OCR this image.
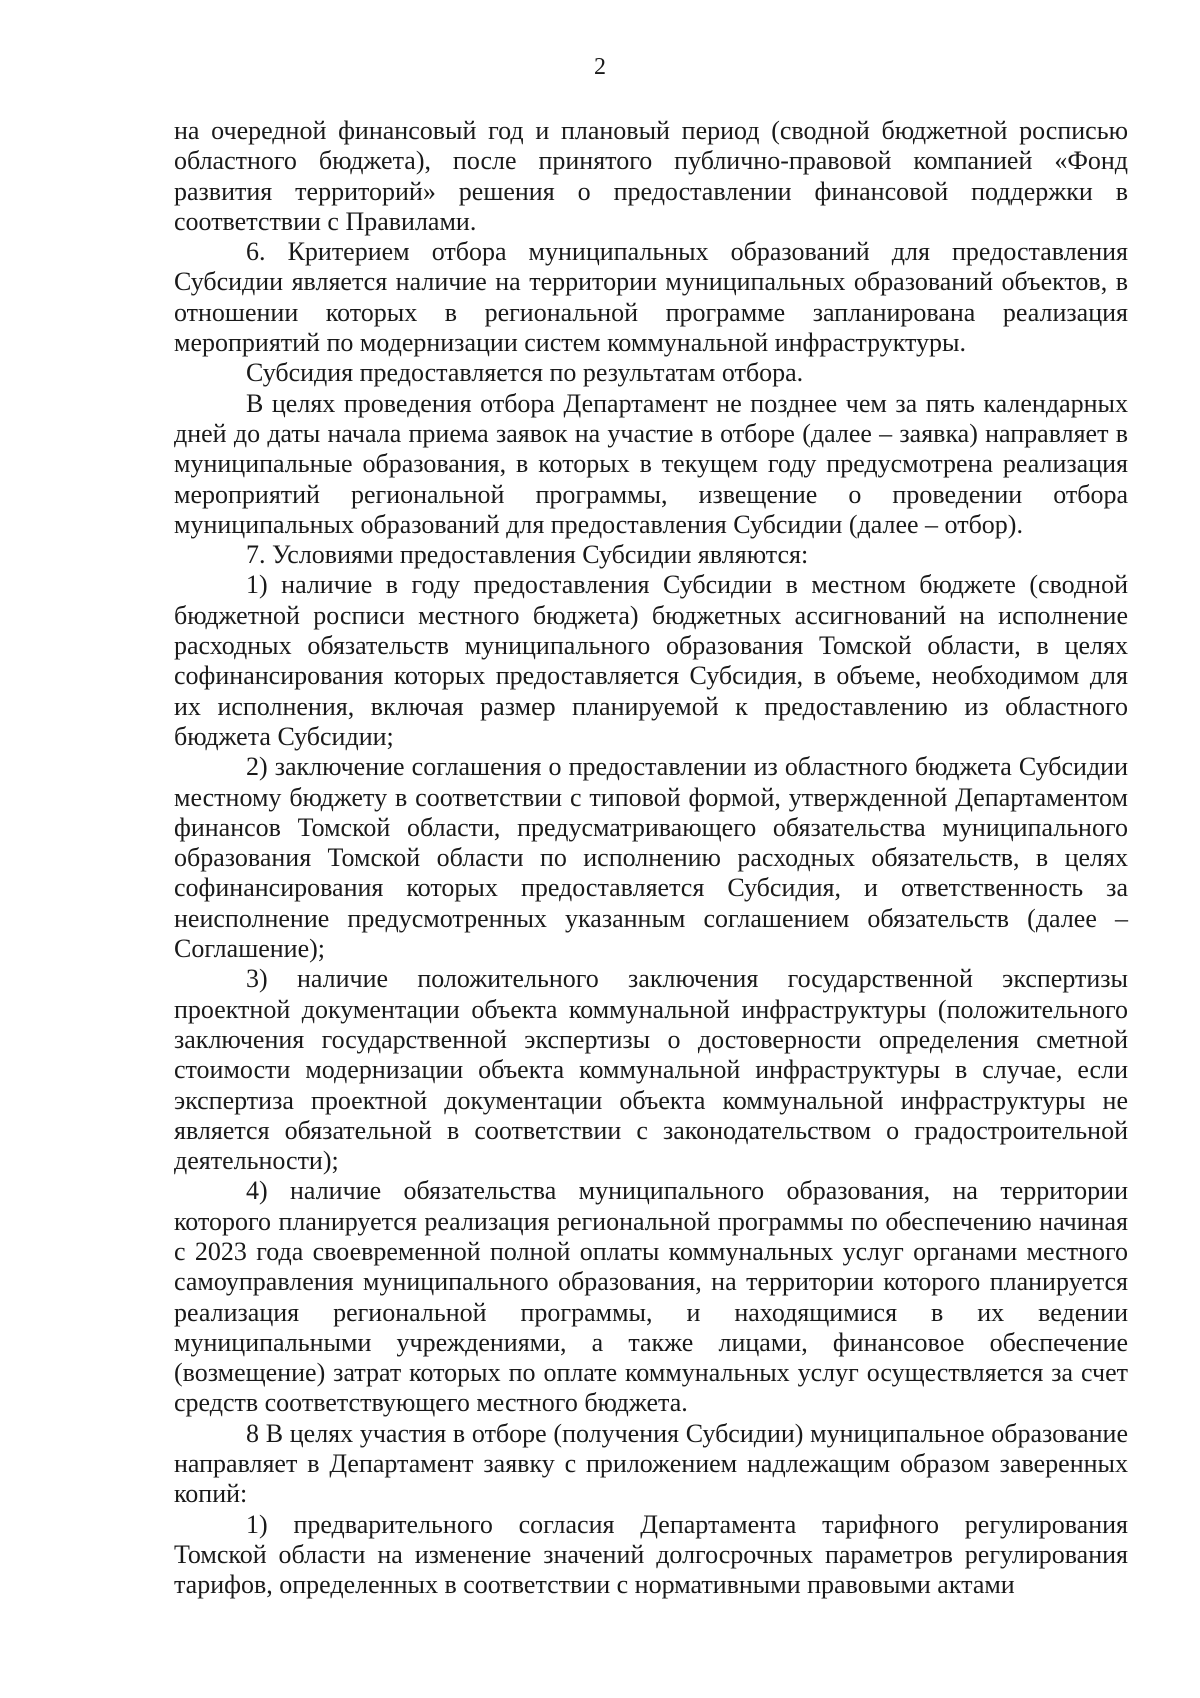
2

на очередной финансовый год и плановый период (сводной бюджетной росписью областного бюджета), после принятого публично-правовой компанией «Фонд развития территорий» решения о предоставлении финансовой поддержки в соответствии с Правилами.

6. Критерием отбора муниципальных образований для предоставления Субсидии является наличие на территории муниципальных образований объектов, в отношении которых в региональной программе запланирована реализация мероприятий по модернизации систем коммунальной инфраструктуры.

Субсидия предоставляется по результатам отбора.

В целях проведения отбора Департамент не позднее чем за пять календарных дней до даты начала приема заявок на участие в отборе (далее – заявка) направляет в муниципальные образования, в которых в текущем году предусмотрена реализация мероприятий региональной программы, извещение о проведении отбора муниципальных образований для предоставления Субсидии (далее – отбор).

7. Условиями предоставления Субсидии являются:

1) наличие в году предоставления Субсидии в местном бюджете (сводной бюджетной росписи местного бюджета) бюджетных ассигнований на исполнение расходных обязательств муниципального образования Томской области, в целях софинансирования которых предоставляется Субсидия, в объеме, необходимом для их исполнения, включая размер планируемой к предоставлению из областного бюджета Субсидии;

2) заключение соглашения о предоставлении из областного бюджета Субсидии местному бюджету в соответствии с типовой формой, утвержденной Департаментом финансов Томской области, предусматривающего обязательства муниципального образования Томской области по исполнению расходных обязательств, в целях софинансирования которых предоставляется Субсидия, и ответственность за неисполнение предусмотренных указанным соглашением обязательств (далее – Соглашение);

3) наличие положительного заключения государственной экспертизы проектной документации объекта коммунальной инфраструктуры (положительного заключения государственной экспертизы о достоверности определения сметной стоимости модернизации объекта коммунальной инфраструктуры в случае, если экспертиза проектной документации объекта коммунальной инфраструктуры не является обязательной в соответствии с законодательством о градостроительной деятельности);

4) наличие обязательства муниципального образования, на территории которого планируется реализация региональной программы по обеспечению начиная с 2023 года своевременной полной оплаты коммунальных услуг органами местного самоуправления муниципального образования, на территории которого планируется реализация региональной программы, и находящимися в их ведении муниципальными учреждениями, а также лицами, финансовое обеспечение (возмещение) затрат которых по оплате коммунальных услуг осуществляется за счет средств соответствующего местного бюджета.

8 В целях участия в отборе (получения Субсидии) муниципальное образование направляет в Департамент заявку с приложением надлежащим образом заверенных копий:

1) предварительного согласия Департамента тарифного регулирования Томской области на изменение значений долгосрочных параметров регулирования тарифов, определенных в соответствии с нормативными правовыми актами
